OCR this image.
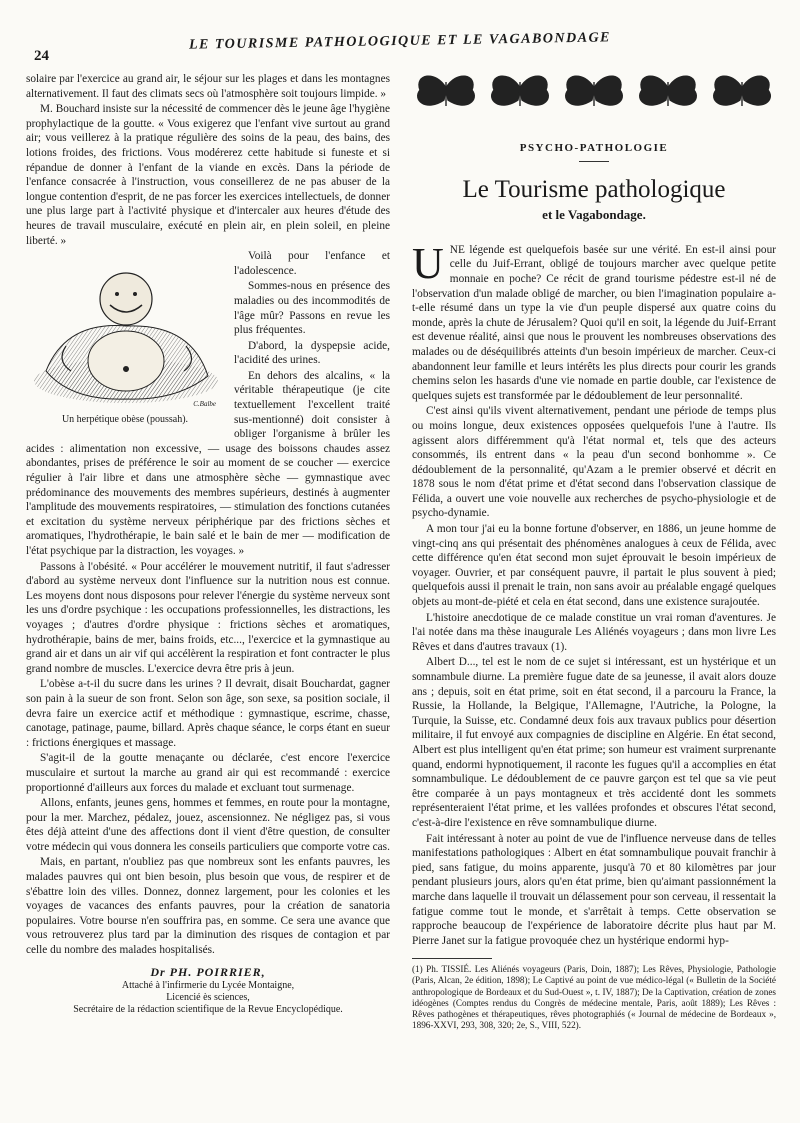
24
LE TOURISME PATHOLOGIQUE ET LE VAGABONDAGE

solaire par l'exercice au grand air, le séjour sur les plages et dans les montagnes alternativement. Il faut des climats secs où l'atmosphère soit toujours limpide. »

M. Bouchard insiste sur la nécessité de commencer dès le jeune âge l'hygiène prophylactique de la goutte. « Vous exigerez que l'enfant vive surtout au grand air; vous veillerez à la pratique régulière des soins de la peau, des bains, des lotions froides, des frictions. Vous modérerez cette habitude si funeste et si répandue de donner à l'enfant de la viande en excès. Dans la période de l'enfance consacrée à l'instruction, vous conseillerez de ne pas abuser de la longue contention d'esprit, de ne pas forcer les exercices intellectuels, de donner une plus large part à l'activité physique et d'intercaler aux heures d'étude des heures de travail musculaire, exécuté en plein air, en plein soleil, en pleine liberté. »

C.Balbe
Un herpétique obèse (poussah).

Voilà pour l'enfance et l'adolescence.

Sommes-nous en présence des maladies ou des incommodités de l'âge mûr? Passons en revue les plus fréquentes.

D'abord, la dyspepsie acide, l'acidité des urines.

En dehors des alcalins, « la véritable thérapeutique (je cite textuellement l'excellent traité sus-mentionné) doit consister à obliger l'organisme à brûler les acides : alimentation non excessive, — usage des boissons chaudes assez abondantes, prises de préférence le soir au moment de se coucher — exercice régulier à l'air libre et dans une atmosphère sèche — gymnastique avec prédominance des mouvements des membres supérieurs, destinés à augmenter l'amplitude des mouvements respiratoires, — stimulation des fonctions cutanées et excitation du système nerveux périphérique par des frictions sèches et aromatiques, l'hydrothérapie, le bain salé et le bain de mer — modification de l'état psychique par la distraction, les voyages. »

Passons à l'obésité. « Pour accélérer le mouvement nutritif, il faut s'adresser d'abord au système nerveux dont l'influence sur la nutrition nous est connue. Les moyens dont nous disposons pour relever l'énergie du système nerveux sont les uns d'ordre psychique : les occupations professionnelles, les distractions, les voyages ; d'autres d'ordre physique : frictions sèches et aromatiques, hydrothérapie, bains de mer, bains froids, etc..., l'exercice et la gymnastique au grand air et dans un air vif qui accélèrent la respiration et font contracter le plus grand nombre de muscles. L'exercice devra être pris à jeun.

L'obèse a-t-il du sucre dans les urines ? Il devrait, disait Bouchardat, gagner son pain à la sueur de son front. Selon son âge, son sexe, sa position sociale, il devra faire un exercice actif et méthodique : gymnastique, escrime, chasse, canotage, patinage, paume, billard. Après chaque séance, le corps étant en sueur : frictions énergiques et massage.

S'agit-il de la goutte menaçante ou déclarée, c'est encore l'exercice musculaire et surtout la marche au grand air qui est recommandé : exercice proportionné d'ailleurs aux forces du malade et excluant tout surmenage.

Allons, enfants, jeunes gens, hommes et femmes, en route pour la montagne, pour la mer. Marchez, pédalez, jouez, ascensionnez. Ne négligez pas, si vous êtes déjà atteint d'une des affections dont il vient d'être question, de consulter votre médecin qui vous donnera les conseils particuliers que comporte votre cas.

Mais, en partant, n'oubliez pas que nombreux sont les enfants pauvres, les malades pauvres qui ont bien besoin, plus besoin que vous, de respirer et de s'ébattre loin des villes. Donnez, donnez largement, pour les colonies et les voyages de vacances des enfants pauvres, pour la création de sanatoria populaires. Votre bourse n'en souffrira pas, en somme. Ce sera une avance que vous retrouverez plus tard par la diminution des risques de contagion et par celle du nombre des malades hospitalisés.

Dr PH. POIRRIER,
Attaché à l'infirmerie du Lycée Montaigne,
Licencié ès sciences,
Secrétaire de la rédaction scientifique de la Revue Encyclopédique.
PSYCHO-PATHOLOGIE
Le Tourisme pathologique
et le Vagabondage.
U NE légende est quelquefois basée sur une vérité. En est-il ainsi pour celle du Juif-Errant, obligé de toujours marcher avec quelque petite monnaie en poche? Ce récit de grand tourisme pédestre est-il né de l'observation d'un malade obligé de marcher, ou bien l'imagination populaire a-t-elle résumé dans un type la vie d'un peuple dispersé aux quatre coins du monde, après la chute de Jérusalem? Quoi qu'il en soit, la légende du Juif-Errant est devenue réalité, ainsi que nous le prouvent les nombreuses observations des malades ou de déséquilibrés atteints d'un besoin impérieux de marcher. Ceux-ci abandonnent leur famille et leurs intérêts les plus directs pour courir les grands chemins selon les hasards d'une vie nomade en partie double, car l'existence de quelques sujets est transformée par le dédoublement de leur personnalité.

C'est ainsi qu'ils vivent alternativement, pendant une période de temps plus ou moins longue, deux existences opposées quelquefois l'une à l'autre. Ils agissent alors différemment qu'à l'état normal et, tels que des acteurs consommés, ils entrent dans « la peau d'un second bonhomme ». Ce dédoublement de la personnalité, qu'Azam a le premier observé et décrit en 1878 sous le nom d'état prime et d'état second dans l'observation classique de Félida, a ouvert une voie nouvelle aux recherches de psycho-physiologie et de psycho-dynamie.

A mon tour j'ai eu la bonne fortune d'observer, en 1886, un jeune homme de vingt-cinq ans qui présentait des phénomènes analogues à ceux de Félida, avec cette différence qu'en état second mon sujet éprouvait le besoin impérieux de voyager. Ouvrier, et par conséquent pauvre, il partait le plus souvent à pied; quelquefois aussi il prenait le train, non sans avoir au préalable engagé quelques objets au mont-de-piété et cela en état second, dans une existence surajoutée.

L'histoire anecdotique de ce malade constitue un vrai roman d'aventures. Je l'ai notée dans ma thèse inaugurale Les Aliénés voyageurs ; dans mon livre Les Rêves et dans d'autres travaux (1).

Albert D..., tel est le nom de ce sujet si intéressant, est un hystérique et un somnambule diurne. La première fugue date de sa jeunesse, il avait alors douze ans ; depuis, soit en état prime, soit en état second, il a parcouru la France, la Russie, la Hollande, la Belgique, l'Allemagne, l'Autriche, la Pologne, la Turquie, la Suisse, etc. Condamné deux fois aux travaux publics pour désertion militaire, il fut envoyé aux compagnies de discipline en Algérie. En état second, Albert est plus intelligent qu'en état prime; son humeur est vraiment surprenante quand, endormi hypnotiquement, il raconte les fugues qu'il a accomplies en état somnambulique. Le dédoublement de ce pauvre garçon est tel que sa vie peut être comparée à un pays montagneux et très accidenté dont les sommets représenteraient l'état prime, et les vallées profondes et obscures l'état second, c'est-à-dire l'existence en rêve somnambulique diurne.

Fait intéressant à noter au point de vue de l'influence nerveuse dans de telles manifestations pathologiques : Albert en état somnambulique pouvait franchir à pied, sans fatigue, du moins apparente, jusqu'à 70 et 80 kilomètres par jour pendant plusieurs jours, alors qu'en état prime, bien qu'aimant passionnément la marche dans laquelle il trouvait un délassement pour son cerveau, il ressentait la fatigue comme tout le monde, et s'arrêtait à temps. Cette observation se rapproche beaucoup de l'expérience de laboratoire décrite plus haut par M. Pierre Janet sur la fatigue provoquée chez un hystérique endormi hyp-

(1) Ph. TISSIÉ. Les Aliénés voyageurs (Paris, Doin, 1887); Les Rêves, Physiologie, Pathologie (Paris, Alcan, 2e édition, 1898); Le Captivé au point de vue médico-légal (« Bulletin de la Société anthropologique de Bordeaux et du Sud-Ouest », t. IV, 1887); De la Captivation, création de zones idéogènes (Comptes rendus du Congrès de médecine mentale, Paris, août 1889); Les Rêves : Rêves pathogènes et thérapeutiques, rêves photographiés (« Journal de médecine de Bordeaux », 1896-XXVI, 293, 308, 320; 2e, S., VIII, 522).
